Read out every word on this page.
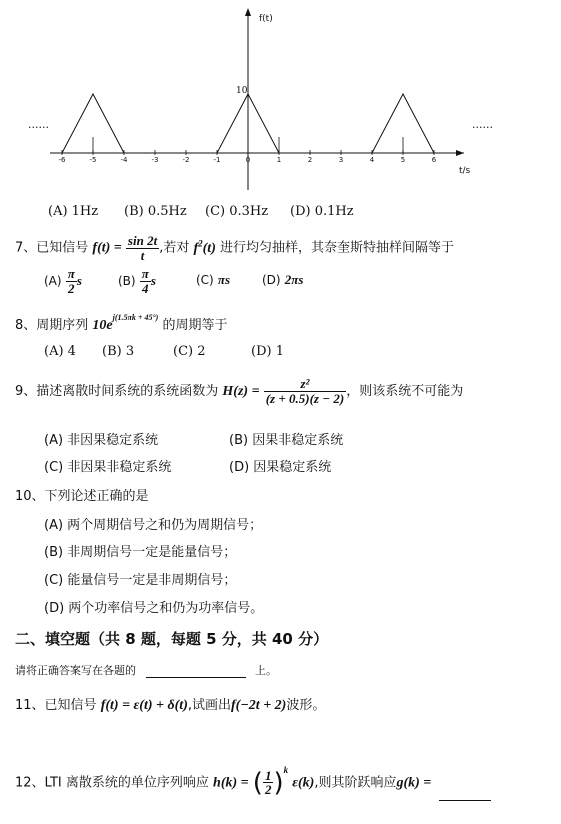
-6	-5	-4	-3	-2	-1	0	1	2	3	4	5	6
f(t)
10
......	......
t/s
(A) 1Hz (B) 0.5Hz (C) 0.3Hz (D) 0.1Hz
7、已知信号 $f(t) = \frac{\sin 2t}{t}$ ,若对 $f^2(t)$ 进行均匀抽样，其奈奎斯特抽样间隔等于
$(A) \frac{\pi}{2}$ s	$(B) \frac{\pi}{4}$ s	(C) πs	(D) 2πs
8、周期序列 $10e^{j(1.5\pi k + 45^\circ)}$ 的周期等于
(A) 4 (B) 3	(C) 2	(D) 1
9、描述离散时间系统的系统函数为 $H(z) = \frac{\text{z²}}{(z + 0.5)(z - 2)}$ ，则该系统不可能为
(A) 非因果稳定系统	(B) 因果非稳定系统
(C) 非因果非稳定系统	(D) 因果稳定系统
10、下列论述正确的是
(A) 两个周期信号之和仍为周期信号；
(B) 非周期信号一定是能量信号；
(C) 能量信号一定是非周期信号；
(D) 两个功率信号之和仍为功率信号。
二、填空题（共 8 题，每题 5 分，共 40 分）
请将正确答案写在各题的	上。
11、已知信号 f(t) = ε(t) + δ(t),试画出f(−2t + 2)波形。
12、LTI 离散系统的单位序列响应 h(k) = ( $\frac{1}{2} )^k$ ε(k),则其阶跃响应g(k) =
